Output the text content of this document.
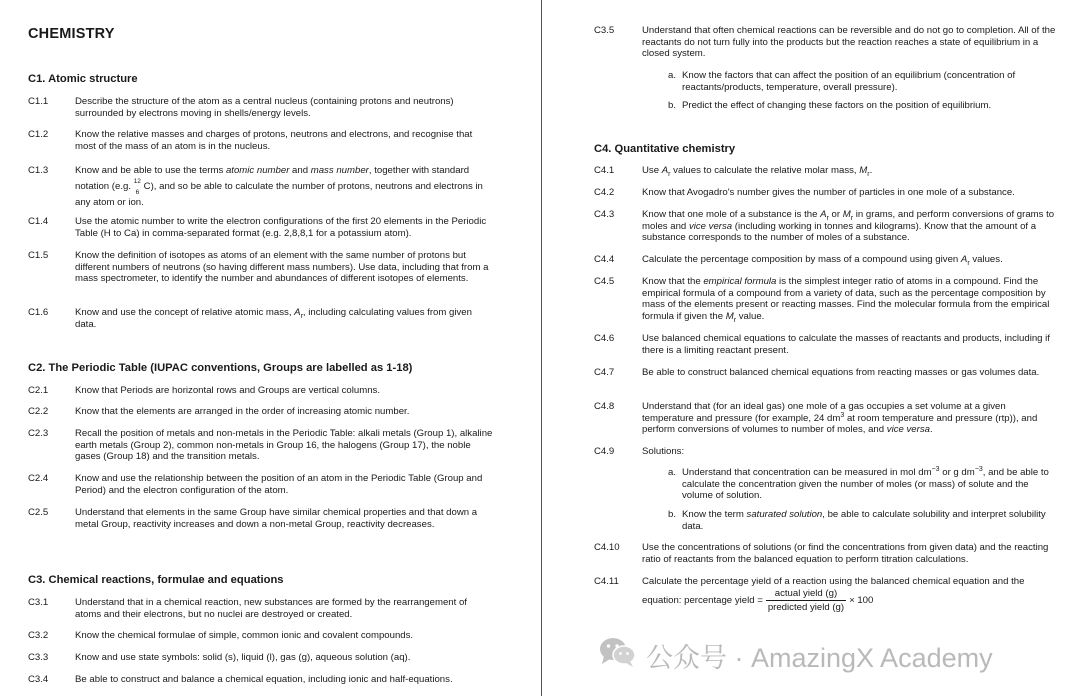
CHEMISTRY
C1. Atomic structure
C1.1	Describe the structure of the atom as a central nucleus (containing protons and neutrons) surrounded by electrons moving in shells/energy levels.
C1.2	Know the relative masses and charges of protons, neutrons and electrons, and recognise that most of the mass of an atom is in the nucleus.
C1.3	Know and be able to use the terms atomic number and mass number, together with standard notation (e.g. 12
6
C), and so be able to calculate the number of protons, neutrons and electrons in any atom or ion.
C1.4	Use the atomic number to write the electron configurations of the first 20 elements in the Periodic Table (H to Ca) in comma-separated format (e.g. 2,8,8,1 for a potassium atom).
C1.5	Know the definition of isotopes as atoms of an element with the same number of protons but different numbers of neutrons (so having different mass numbers). Use data, including that from a mass spectrometer, to identify the number and abundances of different isotopes of elements.
C1.6	Know and use the concept of relative atomic mass, $A_r$, including calculating values from given data.
C2. The Periodic Table (IUPAC conventions, Groups are labelled as 1-18)
C2.1	Know that Periods are horizontal rows and Groups are vertical columns.
C2.2	Know that the elements are arranged in the order of increasing atomic number.
C2.3	Recall the position of metals and non-metals in the Periodic Table: alkali metals (Group 1), alkaline earth metals (Group 2), common non-metals in Group 16, the halogens (Group 17), the noble gases (Group 18) and the transition metals.
C2.4	Know and use the relationship between the position of an atom in the Periodic Table (Group and Period) and the electron configuration of the atom.
C2.5	Understand that elements in the same Group have similar chemical properties and that down a metal Group, reactivity increases and down a non-metal Group, reactivity decreases.
C3. Chemical reactions, formulae and equations
C3.1	Understand that in a chemical reaction, new substances are formed by the rearrangement of atoms and their electrons, but no nuclei are destroyed or created.
C3.2	Know the chemical formulae of simple, common ionic and covalent compounds.
C3.3	Know and use state symbols: solid (s), liquid (l), gas (g), aqueous solution (aq).
C3.4	Be able to construct and balance a chemical equation, including ionic and half-equations.
C3.5	Understand that often chemical reactions can be reversible and do not go to completion. All of the reactants do not turn fully into the products but the reaction reaches a state of equilibrium in a closed system.
a. Know the factors that can affect the position of an equilibrium (concentration of reactants/products, temperature, overall pressure).
b. Predict the effect of changing these factors on the position of equilibrium.
C4. Quantitative chemistry
C4.1	Use $A_r$ values to calculate the relative molar mass, $M_r$.
C4.2	Know that Avogadro's number gives the number of particles in one mole of a substance.
C4.3	Know that one mole of a substance is the $A_r$ or $M_r$ in grams, and perform conversions of grams to moles and vice versa (including working in tonnes and kilograms). Know that the amount of a substance corresponds to the number of moles of a substance.
C4.4	Calculate the percentage composition by mass of a compound using given $A_r$ values.
C4.5	Know that the empirical formula is the simplest integer ratio of atoms in a compound. Find the empirical formula of a compound from a variety of data, such as the percentage composition by mass of the elements present or reacting masses. Find the molecular formula from the empirical formula if given the $M_r$ value.
C4.6	Use balanced chemical equations to calculate the masses of reactants and products, including if there is a limiting reactant present.
C4.7	Be able to construct balanced chemical equations from reacting masses or gas volumes data.
C4.8	Understand that (for an ideal gas) one mole of a gas occupies a set volume at a given temperature and pressure (for example, 24 $dm^3$ at room temperature and pressure (rtp)), and perform conversions of volumes to number of moles, and vice versa.
C4.9	Solutions:
a. Understand that concentration can be measured in mol $dm^{-3}$ or g $dm^{-3}$, and be able to calculate the concentration given the number of moles (or mass) of solute and the volume of solution.
b. Know the term saturated solution, be able to calculate solubility and interpret solubility data.
C4.10 Use the concentrations of solutions (or find the concentrations from given data) and the reacting ratio of reactants from the balanced equation to perform titration calculations.
C4.11 Calculate the percentage yield of a reaction using the balanced chemical equation and the equation: percentage yield = $\frac{\text{actual yield (g)}}{\text{predicted yield (g)}} \times 100$
公众号 · AmazingX Academy
